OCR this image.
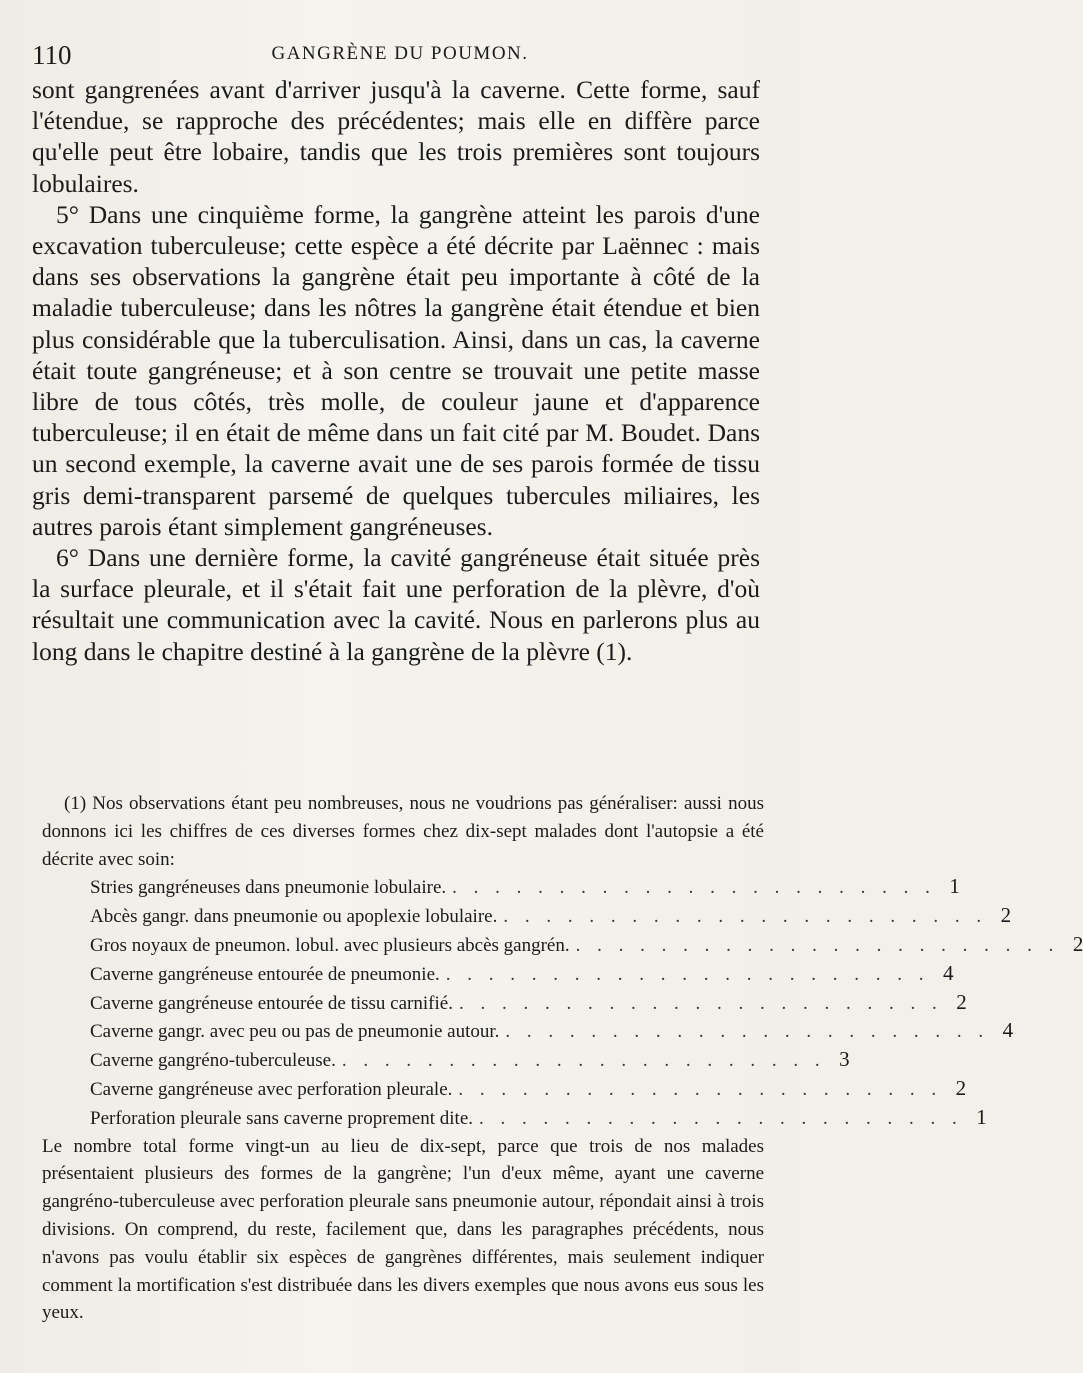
110	GANGRÈNE DU POUMON.

sont gangrenées avant d'arriver jusqu'à la caverne. Cette forme, sauf l'étendue, se rapproche des précédentes; mais elle en diffère parce qu'elle peut être lobaire, tandis que les trois premières sont toujours lobulaires.

5° Dans une cinquième forme, la gangrène atteint les parois d'une excavation tuberculeuse; cette espèce a été décrite par Laënnec : mais dans ses observations la gangrène était peu importante à côté de la maladie tuberculeuse; dans les nôtres la gangrène était étendue et bien plus considérable que la tuberculisation. Ainsi, dans un cas, la caverne était toute gangréneuse; et à son centre se trouvait une petite masse libre de tous côtés, très molle, de couleur jaune et d'apparence tuberculeuse; il en était de même dans un fait cité par M. Boudet. Dans un second exemple, la caverne avait une de ses parois formée de tissu gris demi-transparent parsemé de quelques tubercules miliaires, les autres parois étant simplement gangréneuses.

6° Dans une dernière forme, la cavité gangréneuse était située près la surface pleurale, et il s'était fait une perforation de la plèvre, d'où résultait une communication avec la cavité. Nous en parlerons plus au long dans le chapitre destiné à la gangrène de la plèvre (1).

(1) Nos observations étant peu nombreuses, nous ne voudrions pas généraliser: aussi nous donnons ici les chiffres de ces diverses formes chez dix-sept malades dont l'autopsie a été décrite avec soin:

Stries gangréneuses dans pneumonie lobulaire. . . . . . . . . . . . . . . . . . . . . . . . 1
Abcès gangr. dans pneumonie ou apoplexie lobulaire. . . . . . . . . . . . . . . . . . . . . . . . 2
Gros noyaux de pneumon. lobul. avec plusieurs abcès gangrén. . . . . . . . . . . . . . . . . . . . . . . . 2
Caverne gangréneuse entourée de pneumonie. . . . . . . . . . . . . . . . . . . . . . . . 4
Caverne gangréneuse entourée de tissu carnifié. . . . . . . . . . . . . . . . . . . . . . . . 2
Caverne gangr. avec peu ou pas de pneumonie autour. . . . . . . . . . . . . . . . . . . . . . . . 4
Caverne gangréno-tuberculeuse. . . . . . . . . . . . . . . . . . . . . . . . 3
Caverne gangréneuse avec perforation pleurale. . . . . . . . . . . . . . . . . . . . . . . . 2
Perforation pleurale sans caverne proprement dite. . . . . . . . . . . . . . . . . . . . . . . . 1

Le nombre total forme vingt-un au lieu de dix-sept, parce que trois de nos malades présentaient plusieurs des formes de la gangrène; l'un d'eux même, ayant une caverne gangréno-tuberculeuse avec perforation pleurale sans pneumonie autour, répondait ainsi à trois divisions. On comprend, du reste, facilement que, dans les paragraphes précédents, nous n'avons pas voulu établir six espèces de gangrènes différentes, mais seulement indiquer comment la mortification s'est distribuée dans les divers exemples que nous avons eus sous les yeux.
